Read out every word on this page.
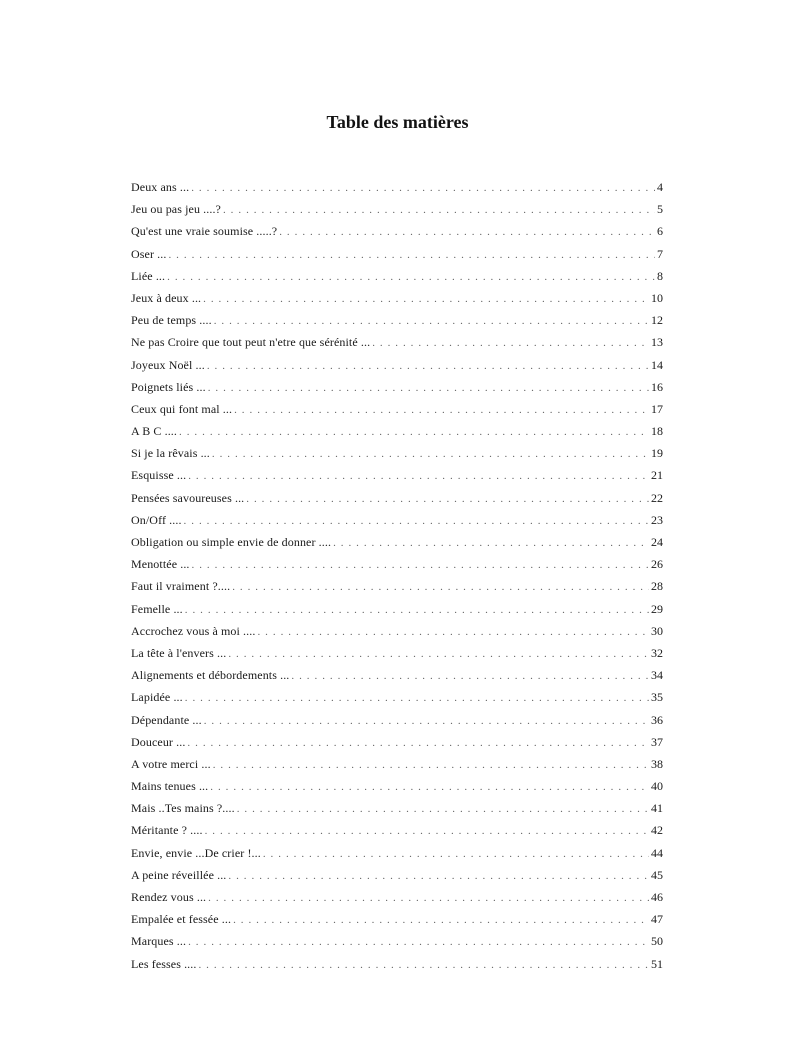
Table des matières
Deux ans ... . . .	4
Jeu ou pas jeu ....? . . .	5
Qu'est une vraie soumise .....? . . .	6
Oser ... . . .	7
Liée ... . . .	8
Jeux à deux ... . . .	10
Peu de temps .... . . .	12
Ne pas Croire que tout peut n'etre que sérénité ... . . .	13
Joyeux Noël ... . . .	14
Poignets liés ... . . .	16
Ceux qui font mal ... . . .	17
A B C .... . . .	18
Si je la rêvais ... . . .	19
Esquisse ... . . .	21
Pensées savoureuses ... . . .	22
On/Off .... . . .	23
Obligation ou simple envie de donner .... . . .	24
Menottée ... . . .	26
Faut il vraiment ?.... . . .	28
Femelle ... . . .	29
Accrochez vous à moi .... . . .	30
La tête à l'envers ... . . .	32
Alignements et débordements ... . . .	34
Lapidée ... . . .	35
Dépendante ... . . .	36
Douceur ... . . .	37
A votre merci ... . . .	38
Mains tenues ... . . .	40
Mais ..Tes mains ?.... . . .	41
Méritante ? .... . . .	42
Envie, envie ...De crier !... . . .	44
A peine réveillée ... . . .	45
Rendez vous ... . . .	46
Empalée et fessée ... . . .	47
Marques ... . . .	50
Les fesses .... . . .	51
